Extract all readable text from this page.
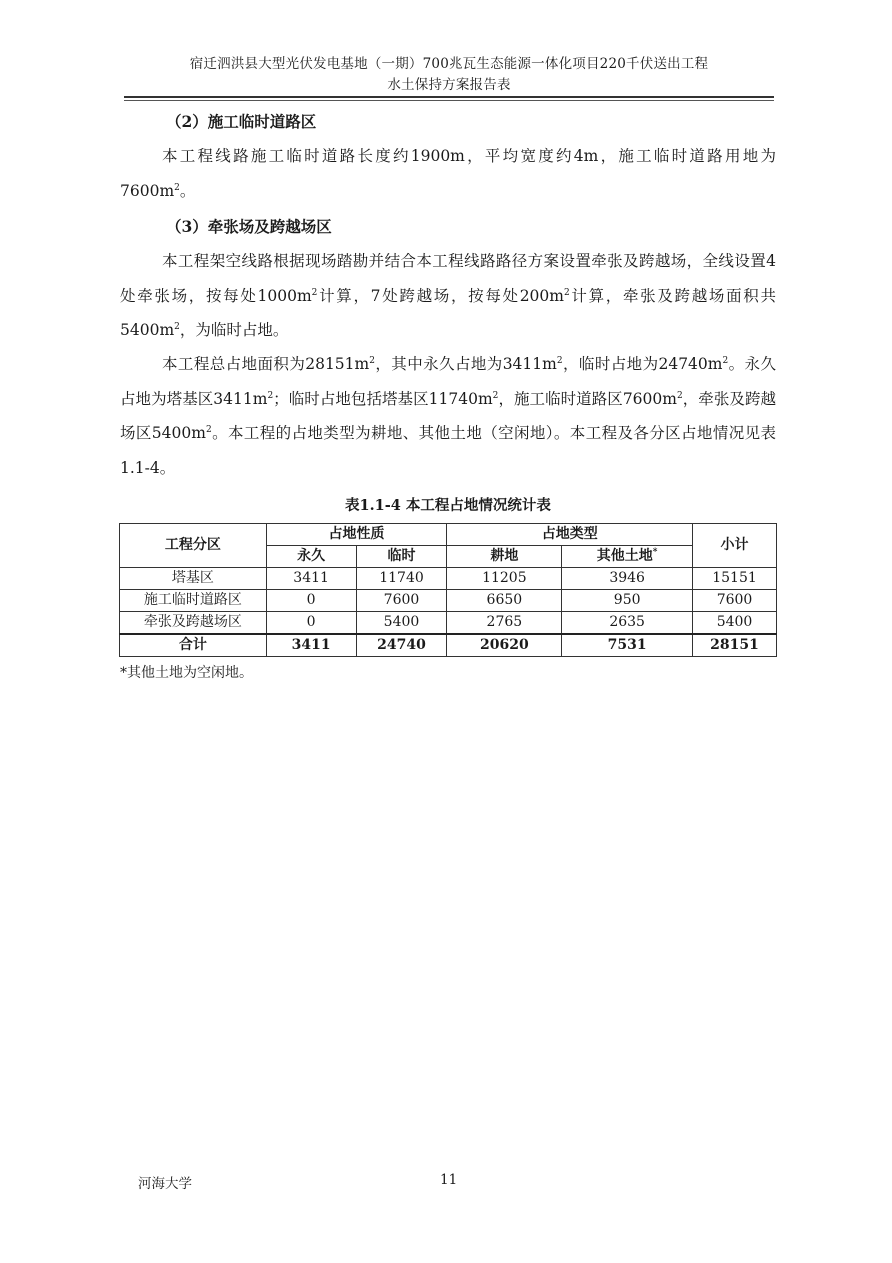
宿迁泗洪县大型光伏发电基地（一期）700兆瓦生态能源一体化项目220千伏送出工程
水土保持方案报告表
（2）施工临时道路区

本工程线路施工临时道路长度约1900m，平均宽度约4m，施工临时道路用地为$7600m^2$。

（3）牵张场及跨越场区

本工程架空线路根据现场踏勘并结合本工程线路路径方案设置牵张及跨越场，全线设置4处牵张场，按每处$1000m^2$计算，7处跨越场，按每处$200m^2$计算，牵张及跨越场面积共$5400m^2$，为临时占地。

本工程总占地面积为$28151m^2$，其中永久占地为$3411m^2$，临时占地为$24740m^2$。永久占地为塔基区$3411m^2$；临时占地包括塔基区$11740m^2$，施工临时道路区$7600m^2$，牵张及跨越场区$5400m^2$。本工程的占地类型为耕地、其他土地（空闲地）。本工程及各分区占地情况见表1.1-4。

表1.1-4 本工程占地情况统计表
工程分区	占地性质		占地类型		小计
	永久	临时	耕地	其他土地*
塔基区	3411	11740	11205	3946	15151
施工临时道路区	0	7600	6650	950	7600
牵张及跨越场区	0	5400	2765	2635	5400
合计	3411	24740	20620	7531	28151
*其他土地为空闲地。
河海大学	11
